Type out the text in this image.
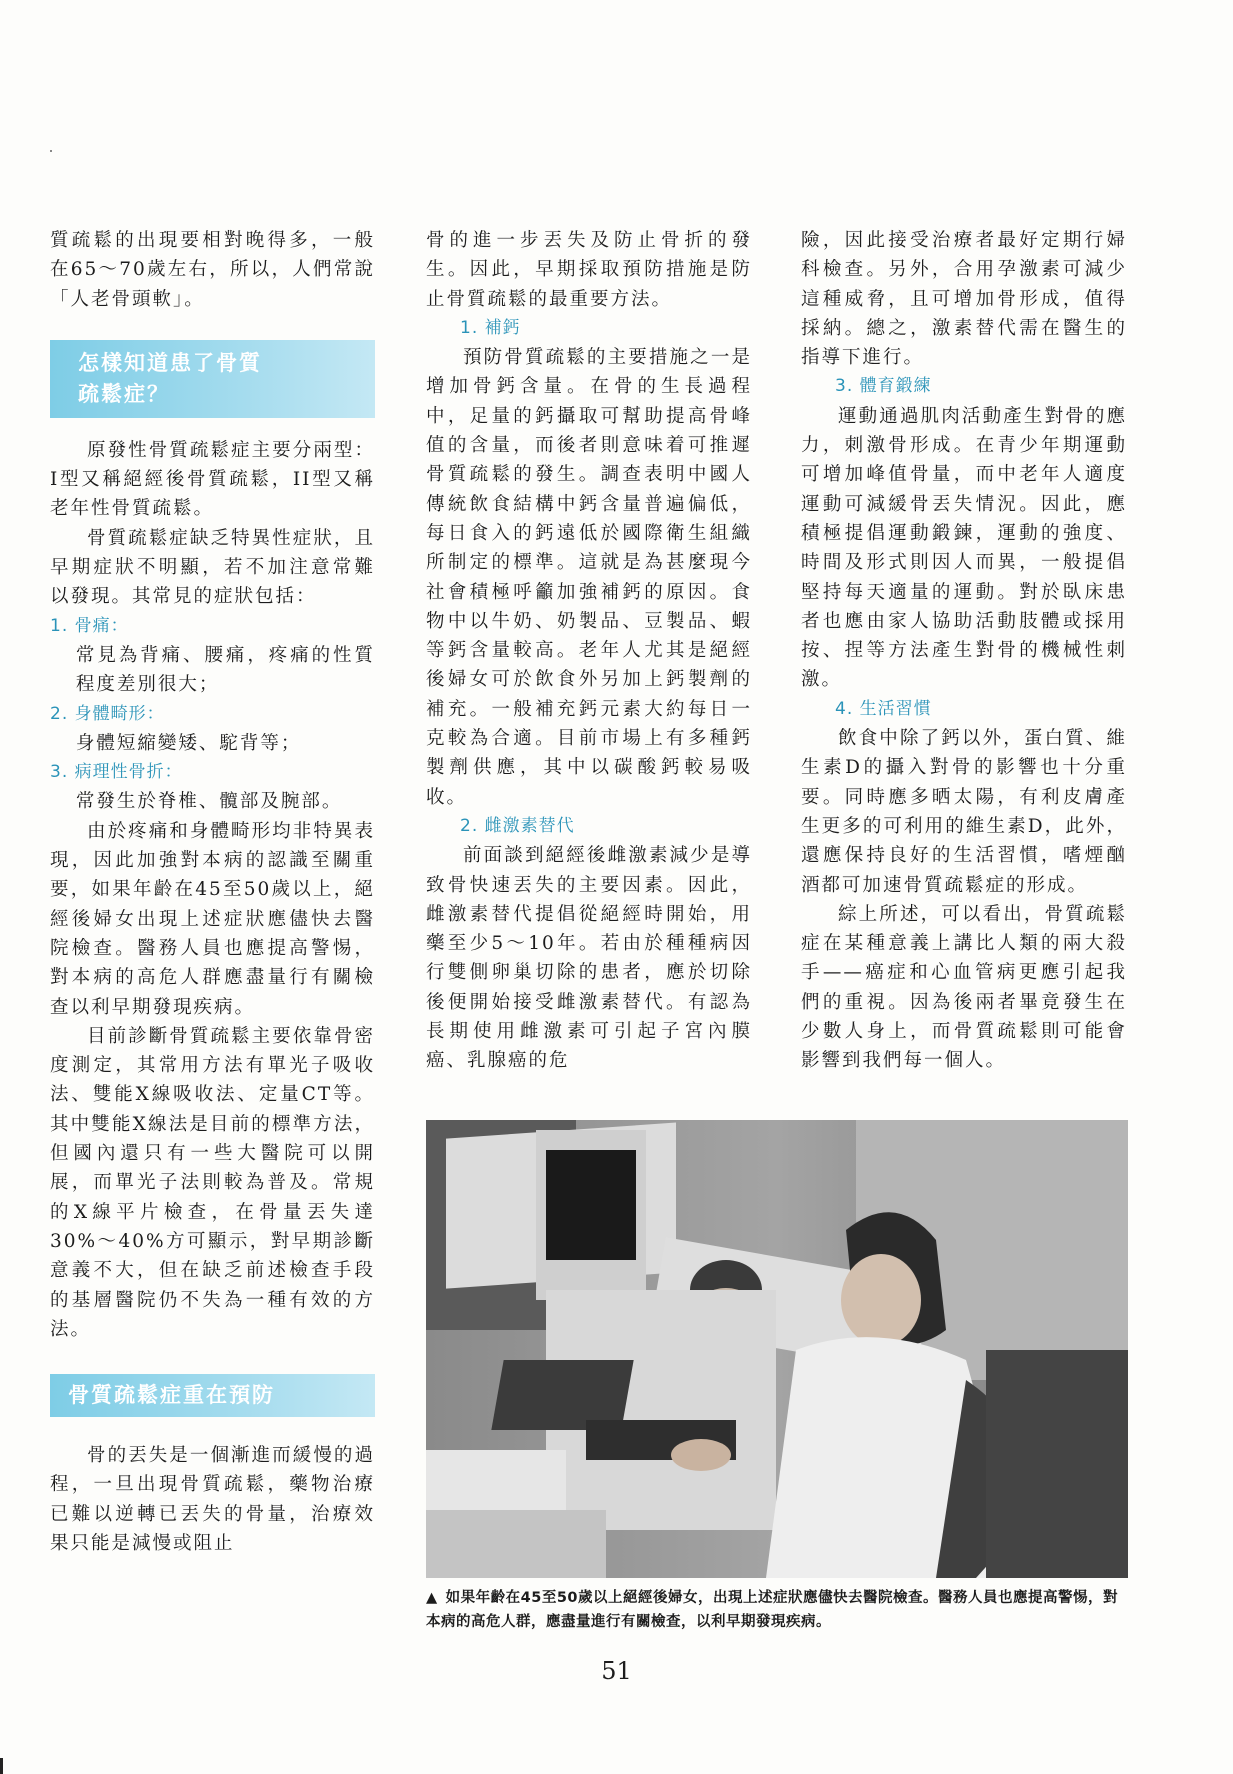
質疏鬆的出現要相對晚得多，一般在65～70歲左右，所以，人們常說「人老骨頭軟」。

怎樣知道患了骨質
疏鬆症？

原發性骨質疏鬆症主要分兩型：I型又稱絕經後骨質疏鬆，II型又稱老年性骨質疏鬆。

骨質疏鬆症缺乏特異性症狀，且早期症狀不明顯，若不加注意常難以發現。其常見的症狀包括：

1. 骨痛：

常見為背痛、腰痛，疼痛的性質程度差別很大；

2. 身體畸形：

身體短縮變矮、駝背等；

3. 病理性骨折：

常發生於脊椎、髖部及腕部。

由於疼痛和身體畸形均非特異表現，因此加強對本病的認識至關重要，如果年齡在45至50歲以上，絕經後婦女出現上述症狀應儘快去醫院檢查。醫務人員也應提高警惕，對本病的高危人群應盡量行有關檢查以利早期發現疾病。

目前診斷骨質疏鬆主要依靠骨密度測定，其常用方法有單光子吸收法、雙能X線吸收法、定量CT等。其中雙能X線法是目前的標準方法，但國內還只有一些大醫院可以開展，而單光子法則較為普及。常規的X線平片檢查，在骨量丟失達30%～40%方可顯示，對早期診斷意義不大，但在缺乏前述檢查手段的基層醫院仍不失為一種有效的方法。

骨質疏鬆症重在預防

骨的丟失是一個漸進而緩慢的過程，一旦出現骨質疏鬆，藥物治療已難以逆轉已丟失的骨量，治療效果只能是減慢或阻止

骨的進一步丟失及防止骨折的發生。因此，早期採取預防措施是防止骨質疏鬆的最重要方法。

1. 補鈣

預防骨質疏鬆的主要措施之一是增加骨鈣含量。在骨的生長過程中，足量的鈣攝取可幫助提高骨峰值的含量，而後者則意味着可推遲骨質疏鬆的發生。調查表明中國人傳統飲食結構中鈣含量普遍偏低，每日食入的鈣遠低於國際衛生組織所制定的標準。這就是為甚麼現今社會積極呼籲加強補鈣的原因。食物中以牛奶、奶製品、豆製品、蝦等鈣含量較高。老年人尤其是絕經後婦女可於飲食外另加上鈣製劑的補充。一般補充鈣元素大約每日一克較為合適。目前市場上有多種鈣製劑供應，其中以碳酸鈣較易吸收。

2. 雌激素替代

前面談到絕經後雌激素減少是導致骨快速丟失的主要因素。因此，雌激素替代提倡從絕經時開始，用藥至少5～10年。若由於種種病因行雙側卵巢切除的患者，應於切除後便開始接受雌激素替代。有認為長期使用雌激素可引起子宮內膜癌、乳腺癌的危

險，因此接受治療者最好定期行婦科檢查。另外，合用孕激素可減少這種威脅，且可增加骨形成，值得採納。總之，激素替代需在醫生的指導下進行。

3. 體育鍛練

運動通過肌肉活動產生對骨的應力，刺激骨形成。在青少年期運動可增加峰值骨量，而中老年人適度運動可減緩骨丟失情況。因此，應積極提倡運動鍛鍊，運動的強度、時間及形式則因人而異，一般提倡堅持每天適量的運動。對於臥床患者也應由家人協助活動肢體或採用按、捏等方法產生對骨的機械性刺激。

4. 生活習慣

飲食中除了鈣以外，蛋白質、維生素D的攝入對骨的影響也十分重要。同時應多晒太陽，有利皮膚產生更多的可利用的維生素D，此外，還應保持良好的生活習慣，嗜煙酗酒都可加速骨質疏鬆症的形成。

綜上所述，可以看出，骨質疏鬆症在某種意義上講比人類的兩大殺手——癌症和心血管病更應引起我們的重視。因為後兩者畢竟發生在少數人身上，而骨質疏鬆則可能會影響到我們每一個人。

▲ 如果年齡在45至50歲以上絕經後婦女，出現上述症狀應儘快去醫院檢查。醫務人員也應提高警惕，對本病的高危人群，應盡量進行有關檢查，以利早期發現疾病。
51
